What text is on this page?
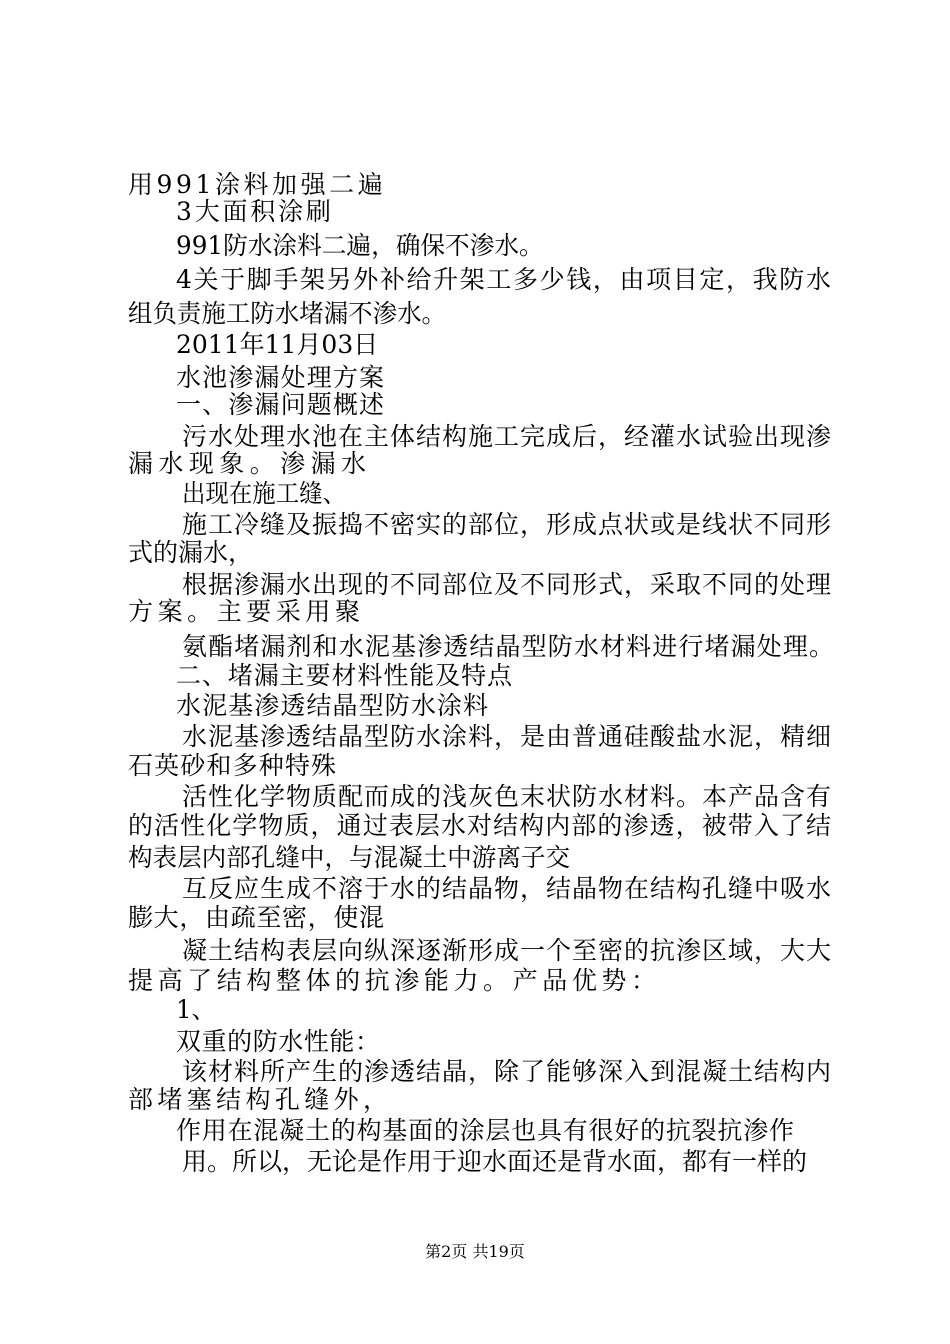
用991涂料加强二遍
3大面积涂刷
991防水涂料二遍，确保不渗水。
4关于脚手架另外补给升架工多少钱，由项目定，我防水
组负责施工防水堵漏不渗水。
2011年11月03日
水池渗漏处理方案
一、渗漏问题概述
污水处理水池在主体结构施工完成后，经灌水试验出现渗
漏水现象。渗漏水
出现在施工缝、
施工冷缝及振捣不密实的部位，形成点状或是线状不同形
式的漏水，
根据渗漏水出现的不同部位及不同形式，采取不同的处理
方案。主要采用聚
氨酯堵漏剂和水泥基渗透结晶型防水材料进行堵漏处理。
二、堵漏主要材料性能及特点
水泥基渗透结晶型防水涂料
水泥基渗透结晶型防水涂料，是由普通硅酸盐水泥，精细
石英砂和多种特殊
活性化学物质配而成的浅灰色末状防水材料。本产品含有
的活性化学物质，通过表层水对结构内部的渗透，被带入了结
构表层内部孔缝中，与混凝土中游离子交
互反应生成不溶于水的结晶物，结晶物在结构孔缝中吸水
膨大，由疏至密，使混
凝土结构表层向纵深逐渐形成一个至密的抗渗区域，大大
提高了结构整体的抗渗能力。产品优势：
1、
双重的防水性能：
该材料所产生的渗透结晶，除了能够深入到混凝土结构内
部堵塞结构孔缝外，
作用在混凝土的构基面的涂层也具有很好的抗裂抗渗作
用。所以，无论是作用于迎水面还是背水面，都有一样的
第2页 共19页
